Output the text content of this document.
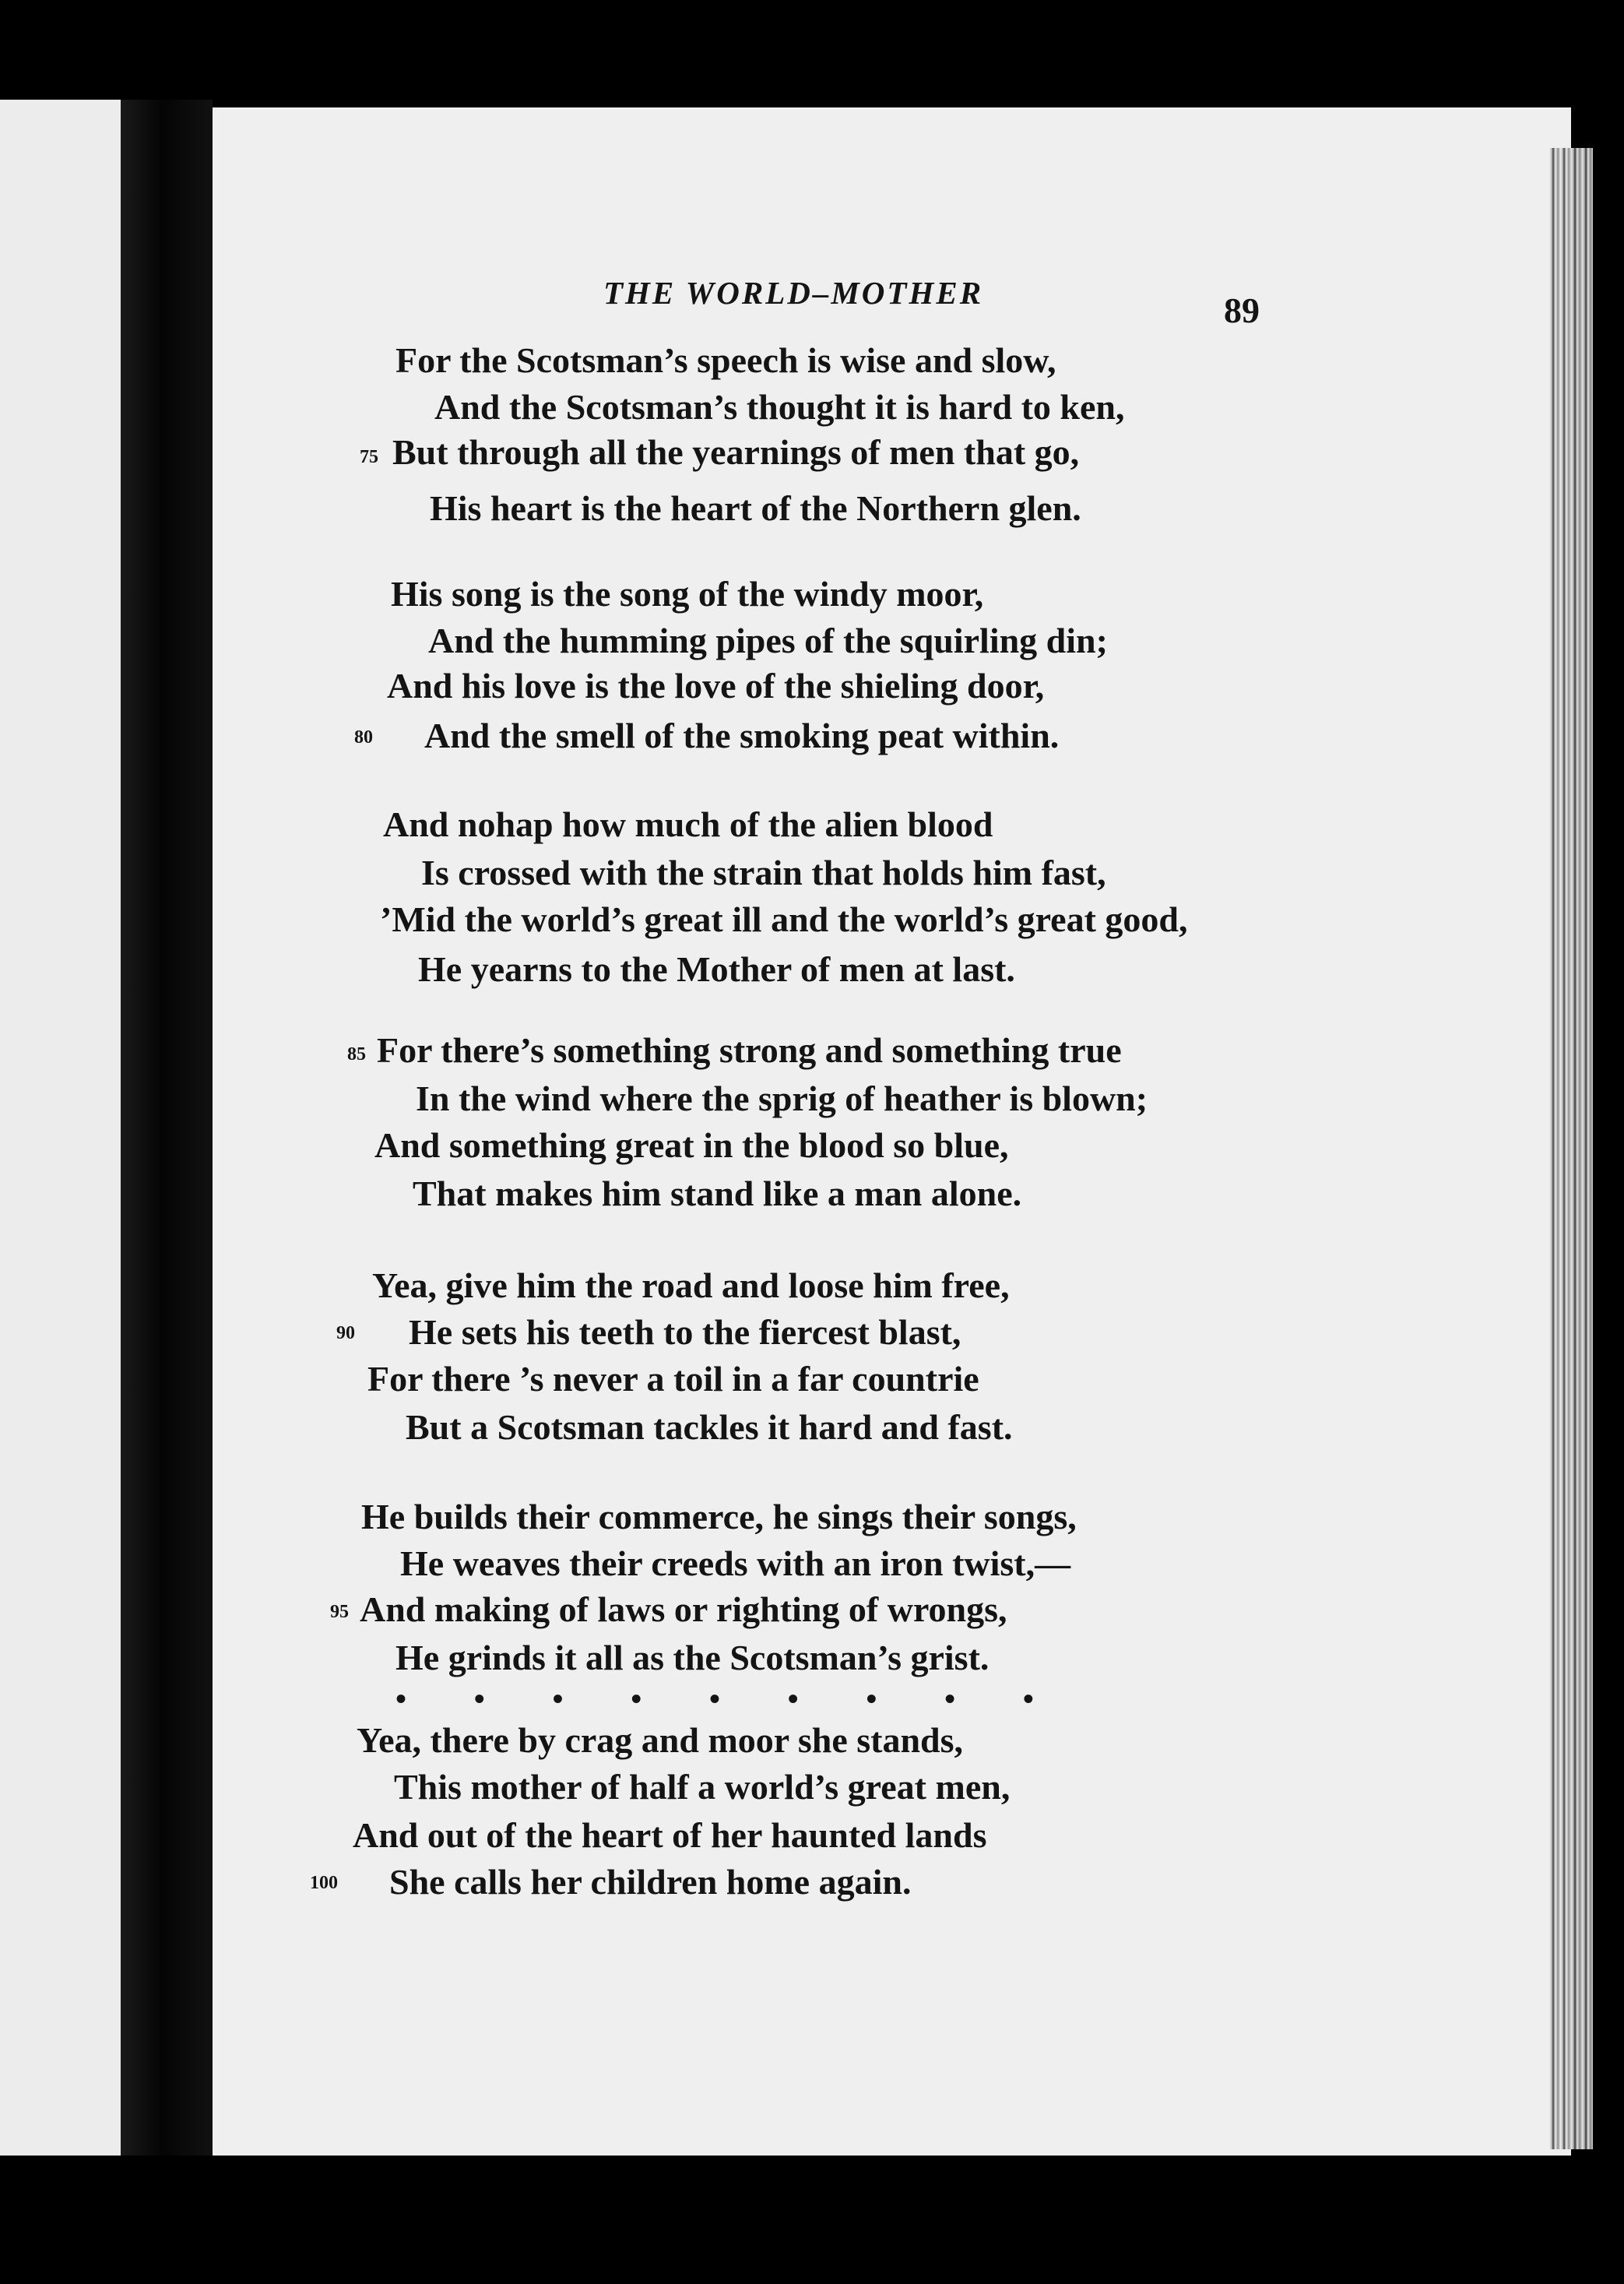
THE WORLD–MOTHER	89
For the Scotsman’s speech is wise and slow,
And the Scotsman’s thought it is hard to ken,
But through all the yearnings of men that go,
75
His heart is the heart of the Northern glen.
His song is the song of the windy moor,
And the humming pipes of the squirling din;
And his love is the love of the shieling door,
And the smell of the smoking peat within.
80
And nohap how much of the alien blood
Is crossed with the strain that holds him fast,
’Mid the world’s great ill and the world’s great good,
He yearns to the Mother of men at last.
For there’s something strong and something true
85
In the wind where the sprig of heather is blown;
And something great in the blood so blue,
That makes him stand like a man alone.
Yea, give him the road and loose him free,
He sets his teeth to the fiercest blast,
90
For there ’s never a toil in a far countrie
But a Scotsman tackles it hard and fast.
He builds their commerce, he sings their songs,
He weaves their creeds with an iron twist,—
And making of laws or righting of wrongs,
95
He grinds it all as the Scotsman’s grist.
• • • • • • • • •
Yea, there by crag and moor she stands,
This mother of half a world’s great men,
And out of the heart of her haunted lands
She calls her children home again.
100
